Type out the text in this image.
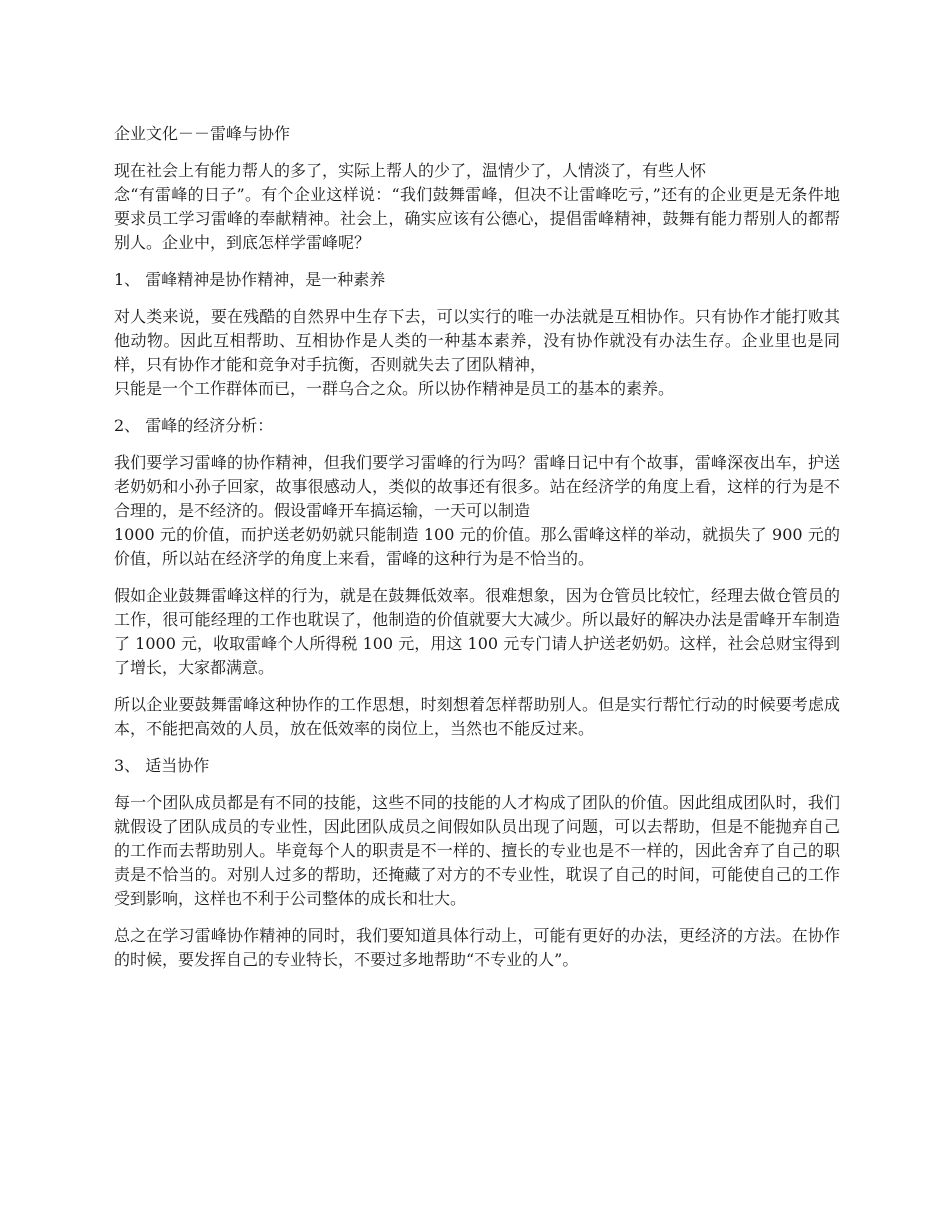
企业文化－－雷峰与协作

现在社会上有能力帮人的多了，实际上帮人的少了，温情少了，人情淡了，有些人怀
念“有雷峰的日子”。有个企业这样说：“我们鼓舞雷峰，但决不让雷峰吃亏，”还有的企业更是无条件地要求员工学习雷峰的奉献精神。社会上，确实应该有公德心，提倡雷峰精神，鼓舞有能力帮别人的都帮别人。企业中，到底怎样学雷峰呢？

1、 雷峰精神是协作精神，是一种素养

对人类来说，要在残酷的自然界中生存下去，可以实行的唯一办法就是互相协作。只有协作才能打败其他动物。因此互相帮助、互相协作是人类的一种基本素养，没有协作就没有办法生存。企业里也是同样，只有协作才能和竞争对手抗衡，否则就失去了团队精神，
只能是一个工作群体而已，一群乌合之众。所以协作精神是员工的基本的素养。

2、 雷峰的经济分析：

我们要学习雷峰的协作精神，但我们要学习雷峰的行为吗？雷峰日记中有个故事，雷峰深夜出车，护送老奶奶和小孙子回家，故事很感动人，类似的故事还有很多。站在经济学的角度上看，这样的行为是不合理的，是不经济的。假设雷峰开车搞运输，一天可以制造
1000 元的价值，而护送老奶奶就只能制造 100 元的价值。那么雷峰这样的举动，就损失了 900 元的价值，所以站在经济学的角度上来看，雷峰的这种行为是不恰当的。

假如企业鼓舞雷峰这样的行为，就是在鼓舞低效率。很难想象，因为仓管员比较忙，经理去做仓管员的工作，很可能经理的工作也耽误了，他制造的价值就要大大减少。所以最好的解决办法是雷峰开车制造了 1000 元，收取雷峰个人所得税 100 元，用这 100 元专门请人护送老奶奶。这样，社会总财宝得到了增长，大家都满意。

所以企业要鼓舞雷峰这种协作的工作思想，时刻想着怎样帮助别人。但是实行帮忙行动的时候要考虑成本，不能把高效的人员，放在低效率的岗位上，当然也不能反过来。

3、 适当协作

每一个团队成员都是有不同的技能，这些不同的技能的人才构成了团队的价值。因此组成团队时，我们就假设了团队成员的专业性，因此团队成员之间假如队员出现了问题，可以去帮助，但是不能抛弃自己的工作而去帮助别人。毕竟每个人的职责是不一样的、擅长的专业也是不一样的，因此舍弃了自己的职责是不恰当的。对别人过多的帮助，还掩藏了对方的不专业性，耽误了自己的时间，可能使自己的工作受到影响，这样也不利于公司整体的成长和壮大。

总之在学习雷峰协作精神的同时，我们要知道具体行动上，可能有更好的办法，更经济的方法。在协作的时候，要发挥自己的专业特长，不要过多地帮助“不专业的人”。
